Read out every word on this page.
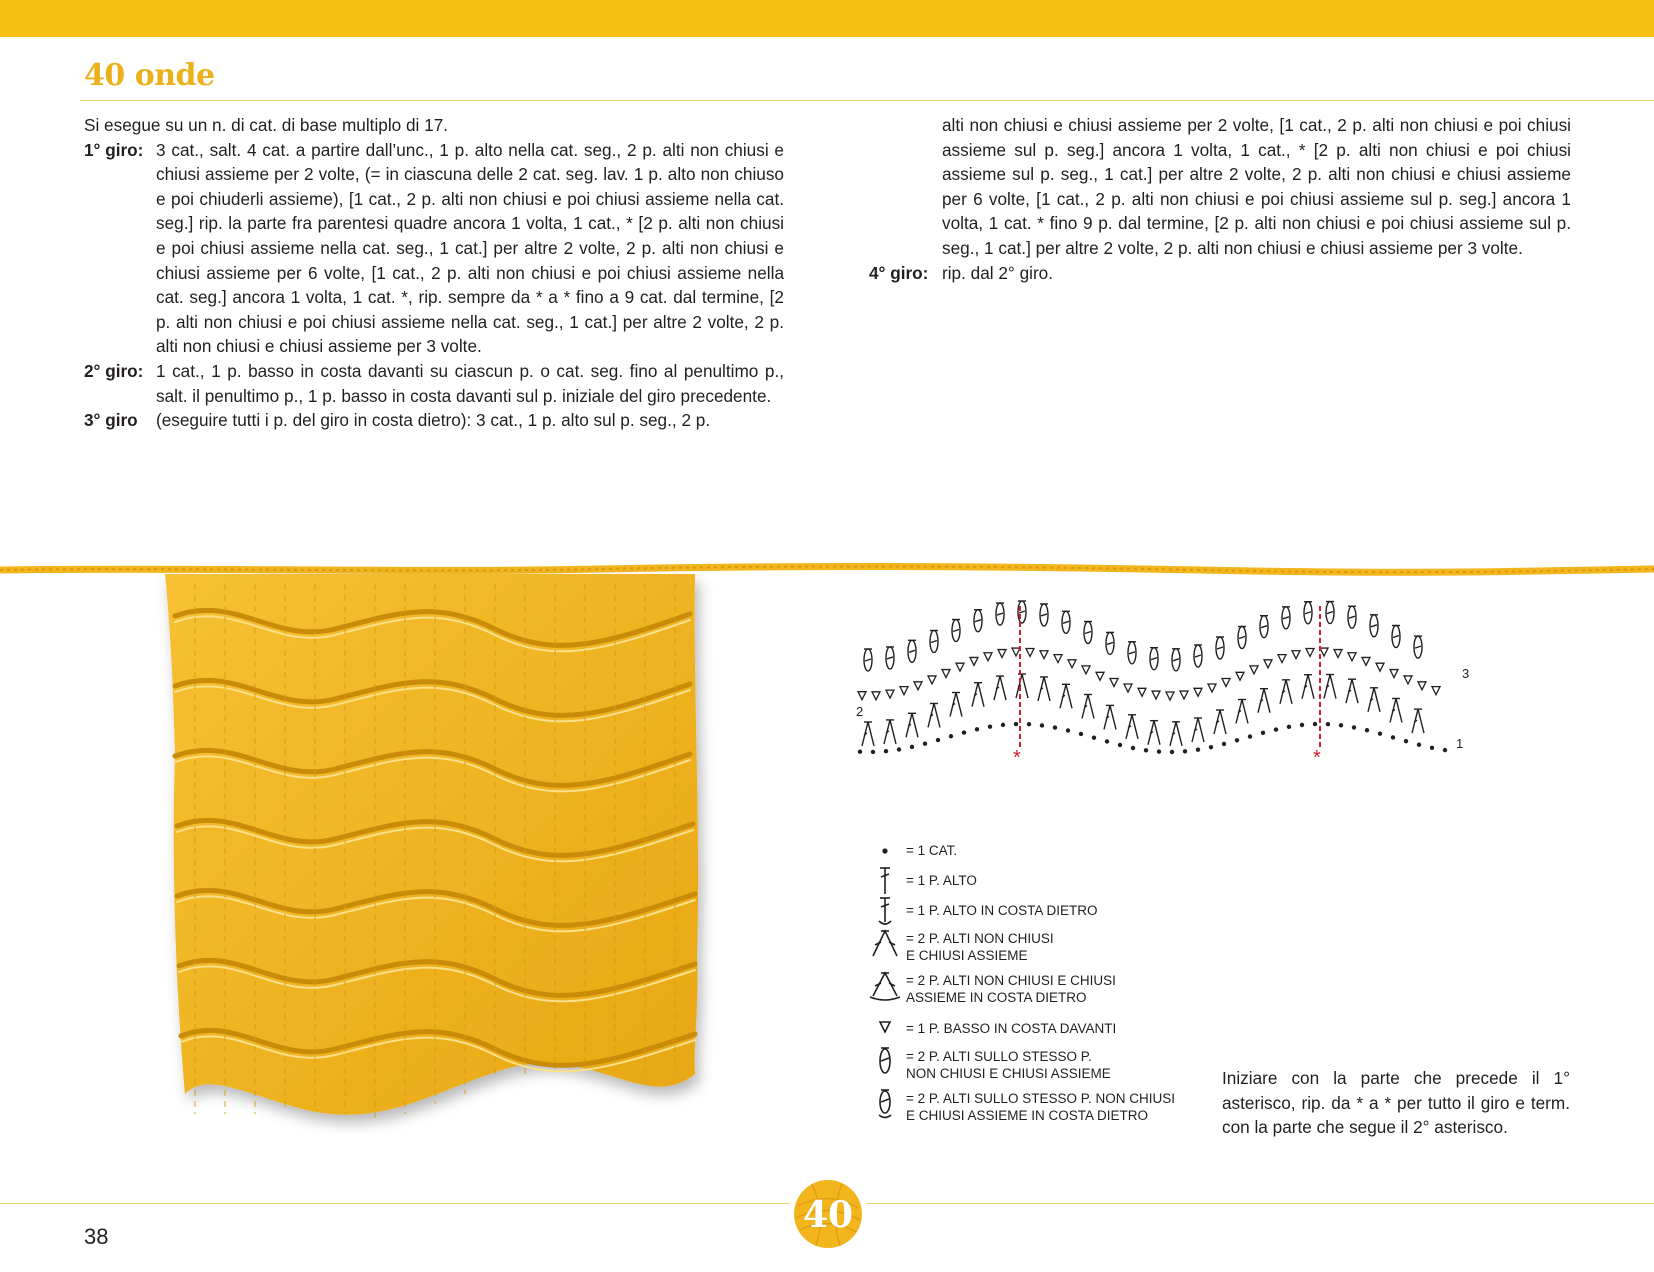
40 onde
Si esegue su un n. di cat. di base multiplo di 17.
1° giro: 3 cat., salt. 4 cat. a partire dall’unc., 1 p. alto nella cat. seg., 2 p. alti non chiusi e chiusi assieme per 2 volte, (= in ciascuna delle 2 cat. seg. lav. 1 p. alto non chiuso e poi chiuderli assieme), [1 cat., 2 p. alti non chiusi e poi chiusi assieme nella cat. seg.] rip. la parte fra parentesi quadre ancora 1 volta, 1 cat., * [2 p. alti non chiusi e poi chiusi assieme nella cat. seg., 1 cat.] per altre 2 volte, 2 p. alti non chiusi e chiusi assieme per 6 volte, [1 cat., 2 p. alti non chiusi e poi chiusi assieme nella cat. seg.] ancora 1 volta, 1 cat. *, rip. sempre da * a * fino a 9 cat. dal termine, [2 p. alti non chiusi e poi chiusi assieme nella cat. seg., 1 cat.] per altre 2 volte, 2 p. alti non chiusi e chiusi assieme per 3 volte.
2° giro: 1 cat., 1 p. basso in costa davanti su ciascun p. o cat. seg. fino al penultimo p., salt. il penultimo p., 1 p. basso in costa davanti sul p. iniziale del giro precedente.
3° giro	(eseguire tutti i p. del giro in costa dietro): 3 cat., 1 p. alto sul p. seg., 2 p.
alti non chiusi e chiusi assieme per 2 volte, [1 cat., 2 p. alti non chiusi e poi chiusi assieme sul p. seg.] ancora 1 volta, 1 cat., * [2 p. alti non chiusi e poi chiusi assieme sul p. seg., 1 cat.] per altre 2 volte, 2 p. alti non chiusi e chiusi assieme per 6 volte, [1 cat., 2 p. alti non chiusi e poi chiusi assieme sul p. seg.] ancora 1 volta, 1 cat. * fino 9 p. dal termine, [2 p. alti non chiusi e poi chiusi assieme sul p. seg., 1 cat.] per altre 2 volte, 2 p. alti non chiusi e chiusi assieme per 3 volte.
4° giro: rip. dal 2° giro.
2
3
1
*	*
= 1 CAT.
= 1 P. ALTO
= 1 P. ALTO IN COSTA DIETRO
= 2 P. ALTI NON CHIUSI
E CHIUSI ASSIEME
= 2 P. ALTI NON CHIUSI E CHIUSI
ASSIEME IN COSTA DIETRO
= 1 P. BASSO IN COSTA DAVANTI
= 2 P. ALTI SULLO STESSO P.
NON CHIUSI E CHIUSI ASSIEME
= 2 P. ALTI SULLO STESSO P. NON CHIUSI
E CHIUSI ASSIEME IN COSTA DIETRO
Iniziare con la parte che precede il 1° asterisco, rip. da * a * per tutto il giro e term. con la parte che segue il 2° asterisco.
40
38
